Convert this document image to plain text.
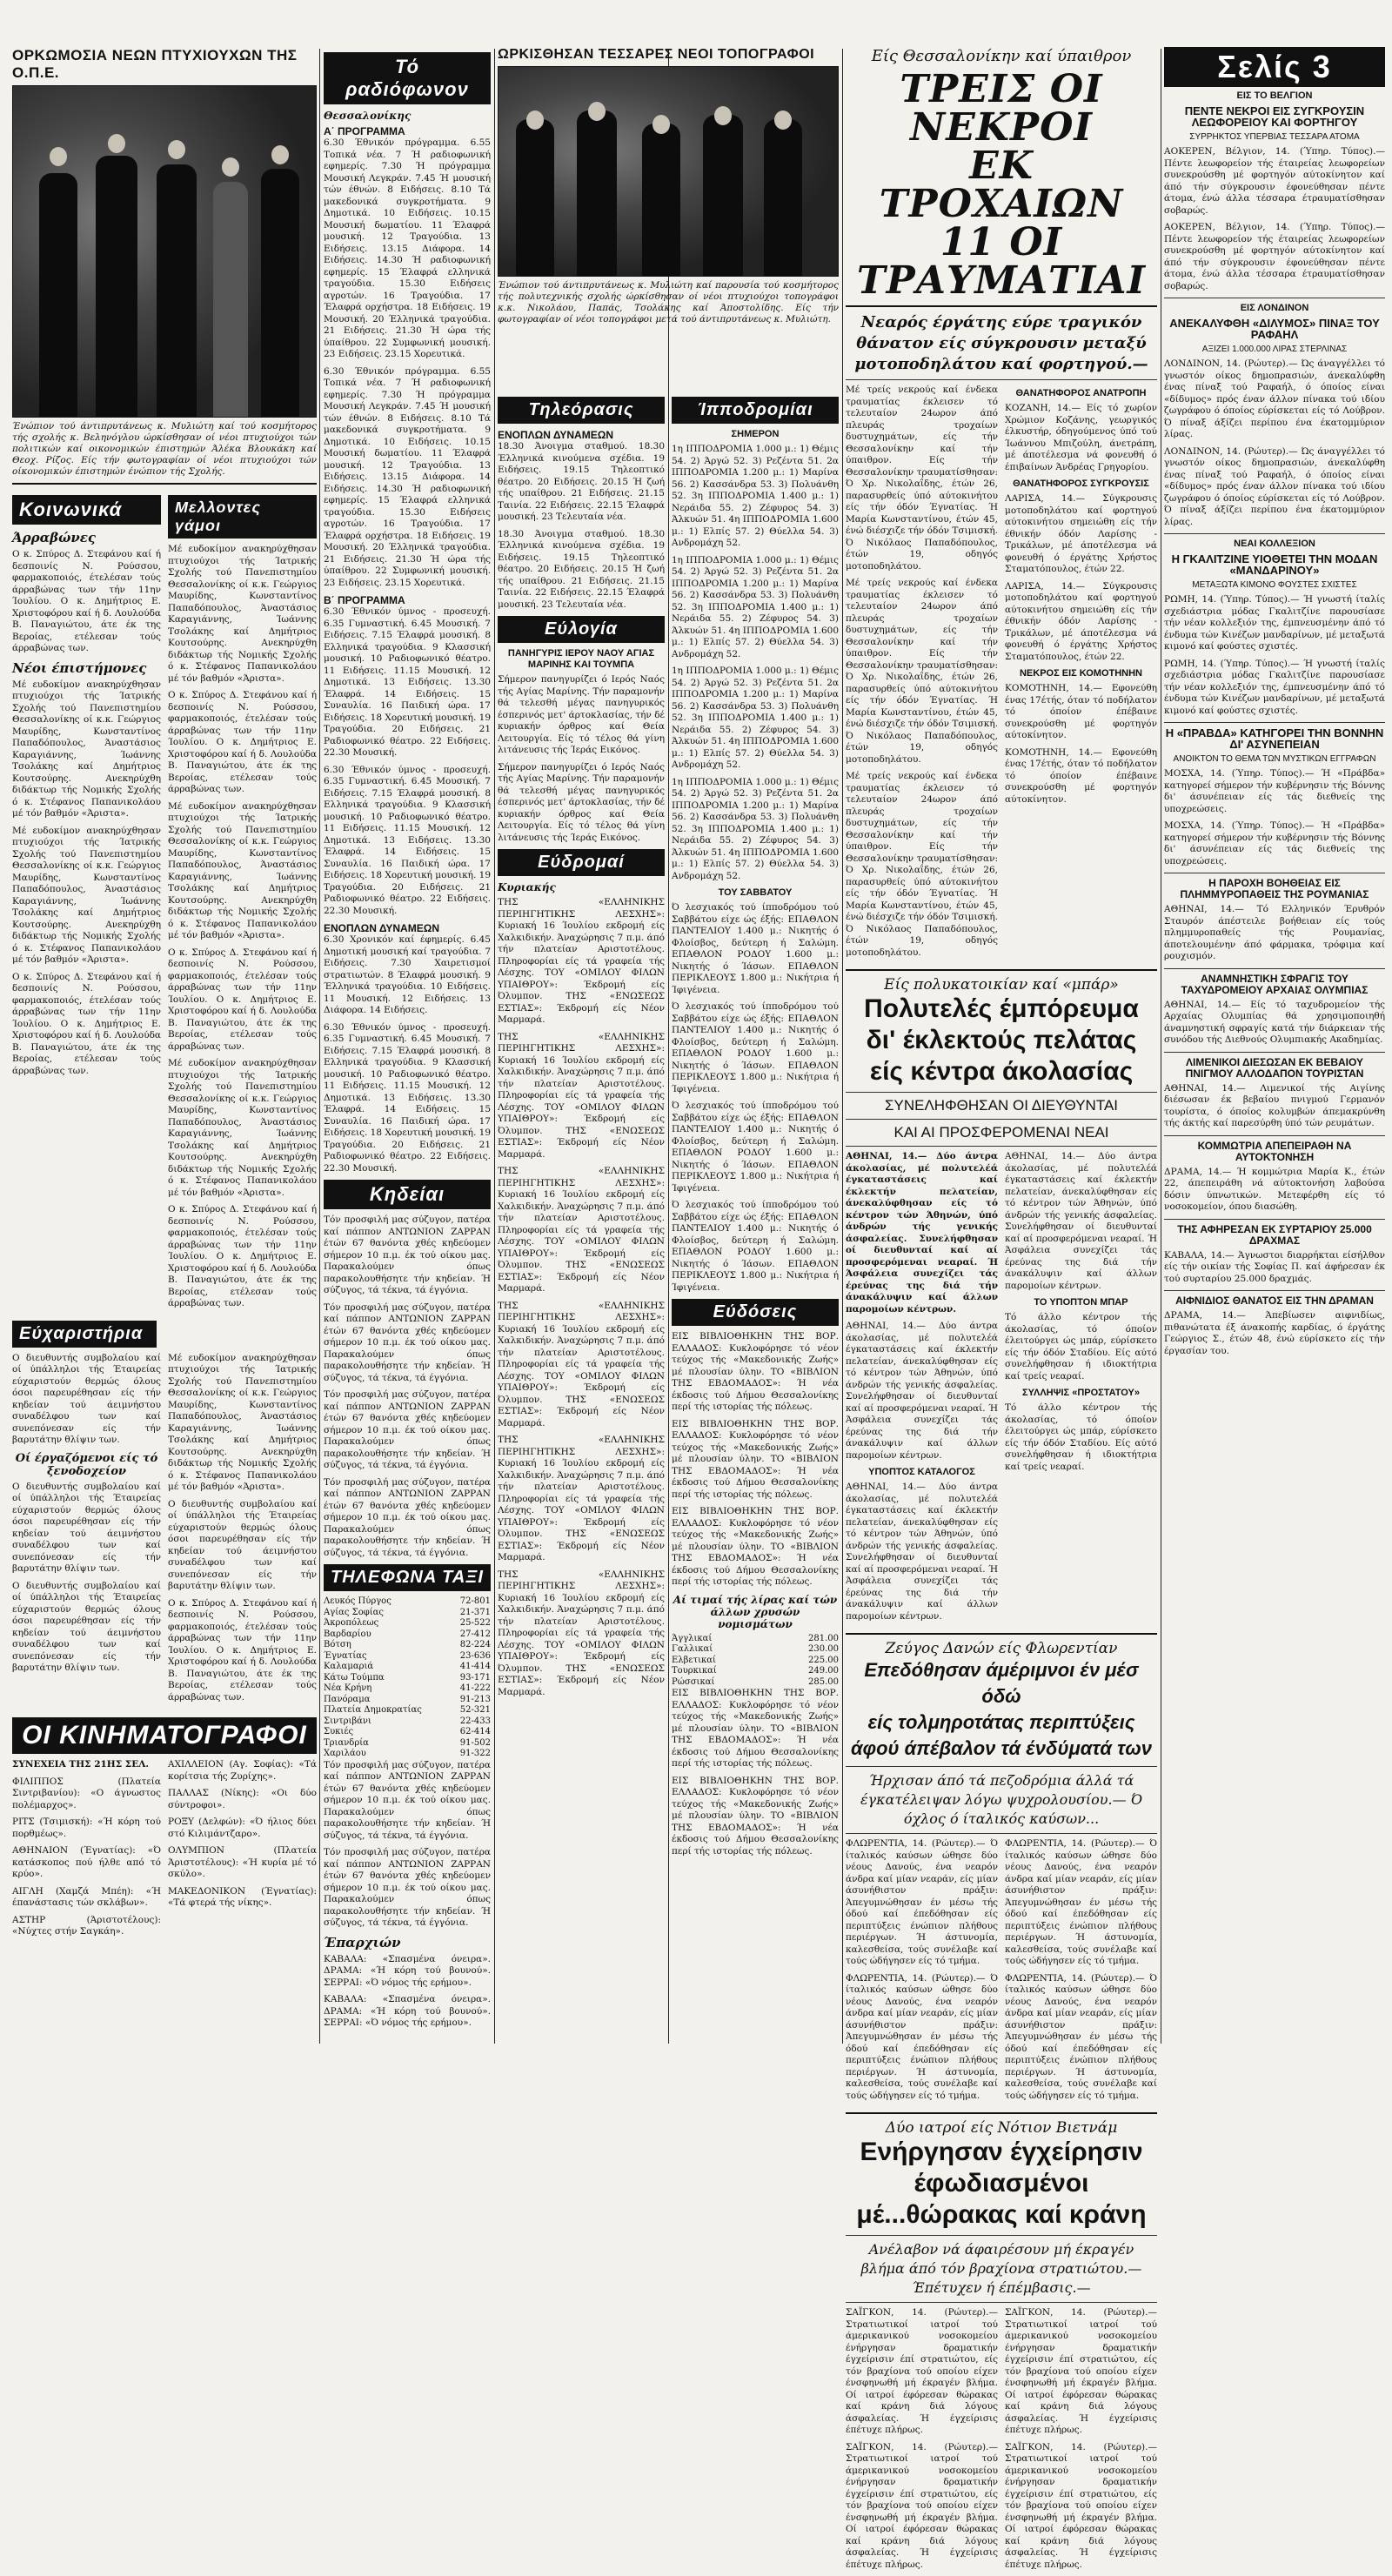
ΟΡΚΩΜΟΣΙΑ ΝΕΩΝ ΠΤΥΧΙΟΥΧΩΝ ΤΗΣ Ο.Π.Ε.
Ένώπιον τού άντιπρυτάνεως κ. Μυλιώτη καί τού κοσμήτορος τής σχολής κ. Βεληνόγλου ώρκίσθησαν οί νέοι πτυχιούχοι τών πολιτικών καί οικονομικών έπιστημών Άλέκα Βλουκάκη καί Θεοχ. Ρίζος. Είς τήν φωτογραφίαν οί νέοι πτυχιούχοι τών οίκονομικών έπιστημών ένώπιον τής Σχολής.
Κοινωνικά
Άρραβώνες

Ο κ. Σπύρος Δ. Στεφάνου καί ή δεσποινίς Ν. Ρούσσου, φαρμακοποιός, έτελέσαν τούς άρραβώνας των τήν 11ην Ίουλίου. Ο κ. Δημήτριος Ε. Χριστοφόρου καί ή δ. Λουλούδα Β. Παναγιώτου, άτε έκ της Βεροίας, ετέλεσαν τούς άρραβώνας των.

Νέοι έπιστήμονες

Μέ ευδοκίμον ανακηρύχθησαν πτυχιούχοι τής Ίατρικής Σχολής τού Πανεπιστημίου Θεσσαλονίκης οί κ.κ. Γεώργιος Μαυρίδης, Κωνσταντίνος Παπαδόπουλος, Άναστάσιος Καραγιάννης, Ίωάννης Τσολάκης καί Δημήτριος Κουτσούρης. Ανεκηρύχθη διδάκτωρ τής Νομικής Σχολής ό κ. Στέφανος Παπανικολάου μέ τόν βαθμόν «Άριστα».

Μέ ευδοκίμον ανακηρύχθησαν πτυχιούχοι τής Ίατρικής Σχολής τού Πανεπιστημίου Θεσσαλονίκης οί κ.κ. Γεώργιος Μαυρίδης, Κωνσταντίνος Παπαδόπουλος, Άναστάσιος Καραγιάννης, Ίωάννης Τσολάκης καί Δημήτριος Κουτσούρης. Ανεκηρύχθη διδάκτωρ τής Νομικής Σχολής ό κ. Στέφανος Παπανικολάου μέ τόν βαθμόν «Άριστα».

Ο κ. Σπύρος Δ. Στεφάνου καί ή δεσποινίς Ν. Ρούσσου, φαρμακοποιός, έτελέσαν τούς άρραβώνας των τήν 11ην Ίουλίου. Ο κ. Δημήτριος Ε. Χριστοφόρου καί ή δ. Λουλούδα Β. Παναγιώτου, άτε έκ της Βεροίας, ετέλεσαν τούς άρραβώνας των.

Μελλοντες γάμοι

Μέ ευδοκίμον ανακηρύχθησαν πτυχιούχοι τής Ίατρικής Σχολής τού Πανεπιστημίου Θεσσαλονίκης οί κ.κ. Γεώργιος Μαυρίδης, Κωνσταντίνος Παπαδόπουλος, Άναστάσιος Καραγιάννης, Ίωάννης Τσολάκης καί Δημήτριος Κουτσούρης. Ανεκηρύχθη διδάκτωρ τής Νομικής Σχολής ό κ. Στέφανος Παπανικολάου μέ τόν βαθμόν «Άριστα».

Ο κ. Σπύρος Δ. Στεφάνου καί ή δεσποινίς Ν. Ρούσσου, φαρμακοποιός, έτελέσαν τούς άρραβώνας των τήν 11ην Ίουλίου. Ο κ. Δημήτριος Ε. Χριστοφόρου καί ή δ. Λουλούδα Β. Παναγιώτου, άτε έκ της Βεροίας, ετέλεσαν τούς άρραβώνας των.

Μέ ευδοκίμον ανακηρύχθησαν πτυχιούχοι τής Ίατρικής Σχολής τού Πανεπιστημίου Θεσσαλονίκης οί κ.κ. Γεώργιος Μαυρίδης, Κωνσταντίνος Παπαδόπουλος, Άναστάσιος Καραγιάννης, Ίωάννης Τσολάκης καί Δημήτριος Κουτσούρης. Ανεκηρύχθη διδάκτωρ τής Νομικής Σχολής ό κ. Στέφανος Παπανικολάου μέ τόν βαθμόν «Άριστα».

Ο κ. Σπύρος Δ. Στεφάνου καί ή δεσποινίς Ν. Ρούσσου, φαρμακοποιός, έτελέσαν τούς άρραβώνας των τήν 11ην Ίουλίου. Ο κ. Δημήτριος Ε. Χριστοφόρου καί ή δ. Λουλούδα Β. Παναγιώτου, άτε έκ της Βεροίας, ετέλεσαν τούς άρραβώνας των.

Μέ ευδοκίμον ανακηρύχθησαν πτυχιούχοι τής Ίατρικής Σχολής τού Πανεπιστημίου Θεσσαλονίκης οί κ.κ. Γεώργιος Μαυρίδης, Κωνσταντίνος Παπαδόπουλος, Άναστάσιος Καραγιάννης, Ίωάννης Τσολάκης καί Δημήτριος Κουτσούρης. Ανεκηρύχθη διδάκτωρ τής Νομικής Σχολής ό κ. Στέφανος Παπανικολάου μέ τόν βαθμόν «Άριστα».

Ο κ. Σπύρος Δ. Στεφάνου καί ή δεσποινίς Ν. Ρούσσου, φαρμακοποιός, έτελέσαν τούς άρραβώνας των τήν 11ην Ίουλίου. Ο κ. Δημήτριος Ε. Χριστοφόρου καί ή δ. Λουλούδα Β. Παναγιώτου, άτε έκ της Βεροίας, ετέλεσαν τούς άρραβώνας των.

Εύχαριστήρια

Ο διευθυντής συμβολαίου καί οί ύπάλληλοι τής Έταιρείας εύχαριστούν θερμώς όλους όσοι παρευρέθησαν είς τήν κηδείαν τού άειμνήστου συναδέλφου των καί συνεπόνεσαν είς τήν βαρυτάτην θλίψιν των.

Οί έργαζόμενοι είς τό ξενοδοχείον

Ο διευθυντής συμβολαίου καί οί ύπάλληλοι τής Έταιρείας εύχαριστούν θερμώς όλους όσοι παρευρέθησαν είς τήν κηδείαν τού άειμνήστου συναδέλφου των καί συνεπόνεσαν είς τήν βαρυτάτην θλίψιν των.

Ο διευθυντής συμβολαίου καί οί ύπάλληλοι τής Έταιρείας εύχαριστούν θερμώς όλους όσοι παρευρέθησαν είς τήν κηδείαν τού άειμνήστου συναδέλφου των καί συνεπόνεσαν είς τήν βαρυτάτην θλίψιν των.

Μέ ευδοκίμον ανακηρύχθησαν πτυχιούχοι τής Ίατρικής Σχολής τού Πανεπιστημίου Θεσσαλονίκης οί κ.κ. Γεώργιος Μαυρίδης, Κωνσταντίνος Παπαδόπουλος, Άναστάσιος Καραγιάννης, Ίωάννης Τσολάκης καί Δημήτριος Κουτσούρης. Ανεκηρύχθη διδάκτωρ τής Νομικής Σχολής ό κ. Στέφανος Παπανικολάου μέ τόν βαθμόν «Άριστα».

Ο διευθυντής συμβολαίου καί οί ύπάλληλοι τής Έταιρείας εύχαριστούν θερμώς όλους όσοι παρευρέθησαν είς τήν κηδείαν τού άειμνήστου συναδέλφου των καί συνεπόνεσαν είς τήν βαρυτάτην θλίψιν των.

Ο κ. Σπύρος Δ. Στεφάνου καί ή δεσποινίς Ν. Ρούσσου, φαρμακοποιός, έτελέσαν τούς άρραβώνας των τήν 11ην Ίουλίου. Ο κ. Δημήτριος Ε. Χριστοφόρου καί ή δ. Λουλούδα Β. Παναγιώτου, άτε έκ της Βεροίας, ετέλεσαν τούς άρραβώνας των.

ΟΙ ΚΙΝΗΜΑΤΟΓΡΑΦΟΙ

ΣΥΝΕΧΕΙΑ ΤΗΣ 21ΗΣ ΣΕΛ.

ΦΙΛΙΠΠΟΣ (Πλατεία Σιντριβανίου): «Ο άγνωστος πολέμαρχος».

ΡΙΤΣ (Τσιμισκή): «Ή κόρη τού πορθμέως».

ΑΘΗΝΑΙΟΝ (Έγνατίας): «Ό κατάσκοπος πού ήλθε από τό κρύο».

ΑΙΓΛΗ (Χαμζά Μπέη): «Ή έπανάστασις τών σκλάβων».

ΑΣΤΗΡ (Άριστοτέλους): «Νύχτες στήν Σαγκάη».

ΑΧΙΛΛΕΙΟΝ (Αγ. Σοφίας): «Τά κορίτσια τής Ζυρίχης».

ΠΑΛΛΑΣ (Νίκης): «Οι δύο σύντροφοι».

ΡΟΞΥ (Δελφών): «Ό ήλιος δύει στό Κιλιμάντζαρο».

ΟΛΥΜΠΙΟΝ (Πλατεία Άριστοτέλους): «Ή κυρία μέ τό σκύλο».

ΜΑΚΕΔΟΝΙΚΟΝ (Έγνατίας): «Τά φτερά τής νίκης».

Τό ραδιόφωνον
Θεσσαλονίκης
Α΄ ΠΡΟΓΡΑΜΜΑ

6.30 Έθνικόν πρόγραμμα. 6.55 Τοπικά νέα. 7 Ή ραδιοφωνική εφημερίς. 7.30 Ή πρόγραμμα Μουσική Λεγκράν. 7.45 Ή μουσική τών έθνών. 8 Ειδήσεις. 8.10 Τά μακεδονικά συγκροτήματα. 9 Δημοτικά. 10 Ειδήσεις. 10.15 Μουσική δωματίου. 11 Έλαφρά μουσική. 12 Τραγούδια. 13 Ειδήσεις. 13.15 Διάφορα. 14 Ειδήσεις. 14.30 Ή ραδιοφωνική εφημερίς. 15 Έλαφρά ελληνικά τραγούδια. 15.30 Ειδήσεις αγροτών. 16 Τραγούδια. 17 Έλαφρά ορχήστρα. 18 Ειδήσεις. 19 Μουσική. 20 Έλληνικά τραγούδια. 21 Ειδήσεις. 21.30 Ή ώρα τής ύπαίθρου. 22 Συμφωνική μουσική. 23 Ειδήσεις. 23.15 Χορευτικά.

6.30 Έθνικόν πρόγραμμα. 6.55 Τοπικά νέα. 7 Ή ραδιοφωνική εφημερίς. 7.30 Ή πρόγραμμα Μουσική Λεγκράν. 7.45 Ή μουσική τών έθνών. 8 Ειδήσεις. 8.10 Τά μακεδονικά συγκροτήματα. 9 Δημοτικά. 10 Ειδήσεις. 10.15 Μουσική δωματίου. 11 Έλαφρά μουσική. 12 Τραγούδια. 13 Ειδήσεις. 13.15 Διάφορα. 14 Ειδήσεις. 14.30 Ή ραδιοφωνική εφημερίς. 15 Έλαφρά ελληνικά τραγούδια. 15.30 Ειδήσεις αγροτών. 16 Τραγούδια. 17 Έλαφρά ορχήστρα. 18 Ειδήσεις. 19 Μουσική. 20 Έλληνικά τραγούδια. 21 Ειδήσεις. 21.30 Ή ώρα τής ύπαίθρου. 22 Συμφωνική μουσική. 23 Ειδήσεις. 23.15 Χορευτικά.

Β΄ ΠΡΟΓΡΑΜΜΑ

6.30 Έθνικόν ύμνος - προσευχή. 6.35 Γυμναστική. 6.45 Μουσική. 7 Ειδήσεις. 7.15 Έλαφρά μουσική. 8 Ελληνικά τραγούδια. 9 Κλασσική μουσική. 10 Ραδιοφωνικό θέατρο. 11 Ειδήσεις. 11.15 Μουσική. 12 Δημοτικά. 13 Ειδήσεις. 13.30 Έλαφρά. 14 Ειδήσεις. 15 Συναυλία. 16 Παιδική ώρα. 17 Ειδήσεις. 18 Χορευτική μουσική. 19 Τραγούδια. 20 Ειδήσεις. 21 Ραδιοφωνικό θέατρο. 22 Ειδήσεις. 22.30 Μουσική.

6.30 Έθνικόν ύμνος - προσευχή. 6.35 Γυμναστική. 6.45 Μουσική. 7 Ειδήσεις. 7.15 Έλαφρά μουσική. 8 Ελληνικά τραγούδια. 9 Κλασσική μουσική. 10 Ραδιοφωνικό θέατρο. 11 Ειδήσεις. 11.15 Μουσική. 12 Δημοτικά. 13 Ειδήσεις. 13.30 Έλαφρά. 14 Ειδήσεις. 15 Συναυλία. 16 Παιδική ώρα. 17 Ειδήσεις. 18 Χορευτική μουσική. 19 Τραγούδια. 20 Ειδήσεις. 21 Ραδιοφωνικό θέατρο. 22 Ειδήσεις. 22.30 Μουσική.

ΕΝΟΠΛΩΝ ΔΥΝΑΜΕΩΝ

6.30 Χρονικόν καί έφημερίς. 6.45 Δημοτική μουσική καί τραγούδια. 7 Ειδήσεις. 7.30 Χαιρετισμοί στρατιωτών. 8 Έλαφρά μουσική. 9 Έλληνικά τραγούδια. 10 Ειδήσεις. 11 Μουσική. 12 Ειδήσεις. 13 Διάφορα. 14 Ειδήσεις.

6.30 Έθνικόν ύμνος - προσευχή. 6.35 Γυμναστική. 6.45 Μουσική. 7 Ειδήσεις. 7.15 Έλαφρά μουσική. 8 Ελληνικά τραγούδια. 9 Κλασσική μουσική. 10 Ραδιοφωνικό θέατρο. 11 Ειδήσεις. 11.15 Μουσική. 12 Δημοτικά. 13 Ειδήσεις. 13.30 Έλαφρά. 14 Ειδήσεις. 15 Συναυλία. 16 Παιδική ώρα. 17 Ειδήσεις. 18 Χορευτική μουσική. 19 Τραγούδια. 20 Ειδήσεις. 21 Ραδιοφωνικό θέατρο. 22 Ειδήσεις. 22.30 Μουσική.

Κηδείαι

Τόν προσφιλή μας σύζυγον, πατέρα καί πάππον ΑΝΤΩΝΙΟΝ ΖΑΡΡΑΝ έτών 67 θανόντα χθές κηδεύομεν σήμερον 10 π.μ. έκ τού οίκου μας. Παρακαλούμεν όπως παρακολουθήσητε τήν κηδείαν. Ή σύζυγος, τά τέκνα, τά έγγόνια.

Τόν προσφιλή μας σύζυγον, πατέρα καί πάππον ΑΝΤΩΝΙΟΝ ΖΑΡΡΑΝ έτών 67 θανόντα χθές κηδεύομεν σήμερον 10 π.μ. έκ τού οίκου μας. Παρακαλούμεν όπως παρακολουθήσητε τήν κηδείαν. Ή σύζυγος, τά τέκνα, τά έγγόνια.

Τόν προσφιλή μας σύζυγον, πατέρα καί πάππον ΑΝΤΩΝΙΟΝ ΖΑΡΡΑΝ έτών 67 θανόντα χθές κηδεύομεν σήμερον 10 π.μ. έκ τού οίκου μας. Παρακαλούμεν όπως παρακολουθήσητε τήν κηδείαν. Ή σύζυγος, τά τέκνα, τά έγγόνια.

Τόν προσφιλή μας σύζυγον, πατέρα καί πάππον ΑΝΤΩΝΙΟΝ ΖΑΡΡΑΝ έτών 67 θανόντα χθές κηδεύομεν σήμερον 10 π.μ. έκ τού οίκου μας. Παρακαλούμεν όπως παρακολουθήσητε τήν κηδείαν. Ή σύζυγος, τά τέκνα, τά έγγόνια.

ΤΗΛΕΦΩΝΑ ΤΑΞΙ
Λευκός Πύργος	72-801
Αγίας Σοφίας	21-371
Άκροπόλεως	25-522
Βαρδαρίου	27-412
Βότση	82-224
Έγνατίας	23-636
Καλαμαριά	41-414
Κάτω Τούμπα	93-171
Νέα Κρήνη	41-222
Πανόραμα	91-213
Πλατεία Δημοκρατίας	52-321
Σιντριβάνι	22-433
Συκιές	62-414
Τριανδρία	91-502
Χαριλάου	91-322

Τόν προσφιλή μας σύζυγον, πατέρα καί πάππον ΑΝΤΩΝΙΟΝ ΖΑΡΡΑΝ έτών 67 θανόντα χθές κηδεύομεν σήμερον 10 π.μ. έκ τού οίκου μας. Παρακαλούμεν όπως παρακολουθήσητε τήν κηδείαν. Ή σύζυγος, τά τέκνα, τά έγγόνια.

Τόν προσφιλή μας σύζυγον, πατέρα καί πάππον ΑΝΤΩΝΙΟΝ ΖΑΡΡΑΝ έτών 67 θανόντα χθές κηδεύομεν σήμερον 10 π.μ. έκ τού οίκου μας. Παρακαλούμεν όπως παρακολουθήσητε τήν κηδείαν. Ή σύζυγος, τά τέκνα, τά έγγόνια.

Έπαρχιών

ΚΑΒΑΛΑ: «Σπασμένα όνειρα». ΔΡΑΜΑ: «Ή κόρη τού βουνού». ΣΕΡΡΑΙ: «Ό νόμος τής ερήμου».

ΚΑΒΑΛΑ: «Σπασμένα όνειρα». ΔΡΑΜΑ: «Ή κόρη τού βουνού». ΣΕΡΡΑΙ: «Ό νόμος τής ερήμου».

ΩΡΚΙΣΘΗΣΑΝ ΤΕΣΣΑΡΕΣ ΝΕΟΙ ΤΟΠΟΓΡΑΦΟΙ
Ένώπιον τού άντιπρυτάνεως κ. Μυλιώτη καί παρουσία τού κοσμήτορος τής πολυτεχνικής σχολής ώρκίσθησαν οί νέοι πτυχιούχοι τοπογράφοι κ.κ. Νικολάου, Παπάς, Τσολάκης καί Άποστολίδης. Είς τήν φωτογραφίαν οί νέοι τοπογράφοι μετά τού άντιπρυτάνεως κ. Μυλιώτη.
Τηλεόρασις
ΕΝΟΠΛΩΝ ΔΥΝΑΜΕΩΝ

18.30 Άνοιγμα σταθμού. 18.30 Έλληνικά κινούμενα σχέδια. 19 Ειδήσεις. 19.15 Τηλεοπτικό θέατρο. 20 Ειδήσεις. 20.15 Ή ζωή τής υπαίθρου. 21 Ειδήσεις. 21.15 Ταινία. 22 Ειδήσεις. 22.15 Έλαφρά μουσική. 23 Τελευταία νέα.

18.30 Άνοιγμα σταθμού. 18.30 Έλληνικά κινούμενα σχέδια. 19 Ειδήσεις. 19.15 Τηλεοπτικό θέατρο. 20 Ειδήσεις. 20.15 Ή ζωή τής υπαίθρου. 21 Ειδήσεις. 21.15 Ταινία. 22 Ειδήσεις. 22.15 Έλαφρά μουσική. 23 Τελευταία νέα.

Εύλογία
ΠΑΝΗΓΥΡΙΣ ΙΕΡΟΥ ΝΑΟΥ ΑΓΙΑΣ ΜΑΡΙΝΗΣ ΚΑΙ ΤΟΥΜΠΑ

Σήμερον πανηγυρίζει ό Ιερός Ναός τής Αγίας Μαρίνης. Τήν παραμονήν θά τελεσθή μέγας πανηγυρικός έσπερινός μετ' άρτοκλασίας, τήν δέ κυριακήν όρθρος καί Θεία Λειτουργία. Είς τό τέλος θά γίνη λιτάνευσις τής Ίεράς Εικόνος.

Σήμερον πανηγυρίζει ό Ιερός Ναός τής Αγίας Μαρίνης. Τήν παραμονήν θά τελεσθή μέγας πανηγυρικός έσπερινός μετ' άρτοκλασίας, τήν δέ κυριακήν όρθρος καί Θεία Λειτουργία. Είς τό τέλος θά γίνη λιτάνευσις τής Ίεράς Εικόνος.

Εύδρομαί
Κυριακής

ΤΗΣ «ΕΛΛΗΝΙΚΗΣ ΠΕΡΙΗΓΗΤΙΚΗΣ ΛΕΣΧΗΣ»: Κυριακή 16 Ίουλίου εκδρομή είς Χαλκιδικήν. Άναχώρησις 7 π.μ. άπό τήν πλατείαν Αριστοτέλους. Πληροφορίαι είς τά γραφεία τής Λέσχης. ΤΟΥ «ΟΜΙΛΟΥ ΦΙΛΩΝ ΥΠΑΙΘΡΟΥ»: Έκδρομή είς Όλυμπον. ΤΗΣ «ΕΝΩΣΕΩΣ ΕΣΤΙΑΣ»: Έκδρομή είς Νέον Μαρμαρά.

ΤΗΣ «ΕΛΛΗΝΙΚΗΣ ΠΕΡΙΗΓΗΤΙΚΗΣ ΛΕΣΧΗΣ»: Κυριακή 16 Ίουλίου εκδρομή είς Χαλκιδικήν. Άναχώρησις 7 π.μ. άπό τήν πλατείαν Αριστοτέλους. Πληροφορίαι είς τά γραφεία τής Λέσχης. ΤΟΥ «ΟΜΙΛΟΥ ΦΙΛΩΝ ΥΠΑΙΘΡΟΥ»: Έκδρομή είς Όλυμπον. ΤΗΣ «ΕΝΩΣΕΩΣ ΕΣΤΙΑΣ»: Έκδρομή είς Νέον Μαρμαρά.

ΤΗΣ «ΕΛΛΗΝΙΚΗΣ ΠΕΡΙΗΓΗΤΙΚΗΣ ΛΕΣΧΗΣ»: Κυριακή 16 Ίουλίου εκδρομή είς Χαλκιδικήν. Άναχώρησις 7 π.μ. άπό τήν πλατείαν Αριστοτέλους. Πληροφορίαι είς τά γραφεία τής Λέσχης. ΤΟΥ «ΟΜΙΛΟΥ ΦΙΛΩΝ ΥΠΑΙΘΡΟΥ»: Έκδρομή είς Όλυμπον. ΤΗΣ «ΕΝΩΣΕΩΣ ΕΣΤΙΑΣ»: Έκδρομή είς Νέον Μαρμαρά.

ΤΗΣ «ΕΛΛΗΝΙΚΗΣ ΠΕΡΙΗΓΗΤΙΚΗΣ ΛΕΣΧΗΣ»: Κυριακή 16 Ίουλίου εκδρομή είς Χαλκιδικήν. Άναχώρησις 7 π.μ. άπό τήν πλατείαν Αριστοτέλους. Πληροφορίαι είς τά γραφεία τής Λέσχης. ΤΟΥ «ΟΜΙΛΟΥ ΦΙΛΩΝ ΥΠΑΙΘΡΟΥ»: Έκδρομή είς Όλυμπον. ΤΗΣ «ΕΝΩΣΕΩΣ ΕΣΤΙΑΣ»: Έκδρομή είς Νέον Μαρμαρά.

ΤΗΣ «ΕΛΛΗΝΙΚΗΣ ΠΕΡΙΗΓΗΤΙΚΗΣ ΛΕΣΧΗΣ»: Κυριακή 16 Ίουλίου εκδρομή είς Χαλκιδικήν. Άναχώρησις 7 π.μ. άπό τήν πλατείαν Αριστοτέλους. Πληροφορίαι είς τά γραφεία τής Λέσχης. ΤΟΥ «ΟΜΙΛΟΥ ΦΙΛΩΝ ΥΠΑΙΘΡΟΥ»: Έκδρομή είς Όλυμπον. ΤΗΣ «ΕΝΩΣΕΩΣ ΕΣΤΙΑΣ»: Έκδρομή είς Νέον Μαρμαρά.

ΤΗΣ «ΕΛΛΗΝΙΚΗΣ ΠΕΡΙΗΓΗΤΙΚΗΣ ΛΕΣΧΗΣ»: Κυριακή 16 Ίουλίου εκδρομή είς Χαλκιδικήν. Άναχώρησις 7 π.μ. άπό τήν πλατείαν Αριστοτέλους. Πληροφορίαι είς τά γραφεία τής Λέσχης. ΤΟΥ «ΟΜΙΛΟΥ ΦΙΛΩΝ ΥΠΑΙΘΡΟΥ»: Έκδρομή είς Όλυμπον. ΤΗΣ «ΕΝΩΣΕΩΣ ΕΣΤΙΑΣ»: Έκδρομή είς Νέον Μαρμαρά.

Ίπποδρομίαι
ΣΗΜΕΡΟΝ

1η ΙΠΠΟΔΡΟΜΙΑ 1.000 μ.: 1) Θέμις 54. 2) Άργώ 52. 3) Ρεζέντα 51. 2α ΙΠΠΟΔΡΟΜΙΑ 1.200 μ.: 1) Μαρίνα 56. 2) Κασσάνδρα 53. 3) Πολυάνθη 52. 3η ΙΠΠΟΔΡΟΜΙΑ 1.400 μ.: 1) Νεράιδα 55. 2) Ζέφυρος 54. 3) Άλκυών 51. 4η ΙΠΠΟΔΡΟΜΙΑ 1.600 μ.: 1) Ελπίς 57. 2) Θύελλα 54. 3) Ανδρομάχη 52.

1η ΙΠΠΟΔΡΟΜΙΑ 1.000 μ.: 1) Θέμις 54. 2) Άργώ 52. 3) Ρεζέντα 51. 2α ΙΠΠΟΔΡΟΜΙΑ 1.200 μ.: 1) Μαρίνα 56. 2) Κασσάνδρα 53. 3) Πολυάνθη 52. 3η ΙΠΠΟΔΡΟΜΙΑ 1.400 μ.: 1) Νεράιδα 55. 2) Ζέφυρος 54. 3) Άλκυών 51. 4η ΙΠΠΟΔΡΟΜΙΑ 1.600 μ.: 1) Ελπίς 57. 2) Θύελλα 54. 3) Ανδρομάχη 52.

1η ΙΠΠΟΔΡΟΜΙΑ 1.000 μ.: 1) Θέμις 54. 2) Άργώ 52. 3) Ρεζέντα 51. 2α ΙΠΠΟΔΡΟΜΙΑ 1.200 μ.: 1) Μαρίνα 56. 2) Κασσάνδρα 53. 3) Πολυάνθη 52. 3η ΙΠΠΟΔΡΟΜΙΑ 1.400 μ.: 1) Νεράιδα 55. 2) Ζέφυρος 54. 3) Άλκυών 51. 4η ΙΠΠΟΔΡΟΜΙΑ 1.600 μ.: 1) Ελπίς 57. 2) Θύελλα 54. 3) Ανδρομάχη 52.

1η ΙΠΠΟΔΡΟΜΙΑ 1.000 μ.: 1) Θέμις 54. 2) Άργώ 52. 3) Ρεζέντα 51. 2α ΙΠΠΟΔΡΟΜΙΑ 1.200 μ.: 1) Μαρίνα 56. 2) Κασσάνδρα 53. 3) Πολυάνθη 52. 3η ΙΠΠΟΔΡΟΜΙΑ 1.400 μ.: 1) Νεράιδα 55. 2) Ζέφυρος 54. 3) Άλκυών 51. 4η ΙΠΠΟΔΡΟΜΙΑ 1.600 μ.: 1) Ελπίς 57. 2) Θύελλα 54. 3) Ανδρομάχη 52.

ΤΟΥ ΣΑΒΒΑΤΟΥ

Ό λεσχιακός τού ίπποδρόμου τού Σαββάτου είχε ώς έξής: ΕΠΑΘΛΟΝ ΠΑΝΤΕΛΙΟΥ 1.400 μ.: Νικητής ό Φλοίσβος, δεύτερη ή Σαλώμη. ΕΠΑΘΛΟΝ ΡΟΔΟΥ 1.600 μ.: Νικητής ό Ίάσων. ΕΠΑΘΛΟΝ ΠΕΡΙΚΛΕΟΥΣ 1.800 μ.: Νικήτρια ή Ίφιγένεια.

Ό λεσχιακός τού ίπποδρόμου τού Σαββάτου είχε ώς έξής: ΕΠΑΘΛΟΝ ΠΑΝΤΕΛΙΟΥ 1.400 μ.: Νικητής ό Φλοίσβος, δεύτερη ή Σαλώμη. ΕΠΑΘΛΟΝ ΡΟΔΟΥ 1.600 μ.: Νικητής ό Ίάσων. ΕΠΑΘΛΟΝ ΠΕΡΙΚΛΕΟΥΣ 1.800 μ.: Νικήτρια ή Ίφιγένεια.

Ό λεσχιακός τού ίπποδρόμου τού Σαββάτου είχε ώς έξής: ΕΠΑΘΛΟΝ ΠΑΝΤΕΛΙΟΥ 1.400 μ.: Νικητής ό Φλοίσβος, δεύτερη ή Σαλώμη. ΕΠΑΘΛΟΝ ΡΟΔΟΥ 1.600 μ.: Νικητής ό Ίάσων. ΕΠΑΘΛΟΝ ΠΕΡΙΚΛΕΟΥΣ 1.800 μ.: Νικήτρια ή Ίφιγένεια.

Ό λεσχιακός τού ίπποδρόμου τού Σαββάτου είχε ώς έξής: ΕΠΑΘΛΟΝ ΠΑΝΤΕΛΙΟΥ 1.400 μ.: Νικητής ό Φλοίσβος, δεύτερη ή Σαλώμη. ΕΠΑΘΛΟΝ ΡΟΔΟΥ 1.600 μ.: Νικητής ό Ίάσων. ΕΠΑΘΛΟΝ ΠΕΡΙΚΛΕΟΥΣ 1.800 μ.: Νικήτρια ή Ίφιγένεια.

Εύδόσεις

ΕΙΣ ΒΙΒΛΙΟΘΗΚΗΝ ΤΗΣ ΒΟΡ. ΕΛΛΑΔΟΣ: Κυκλοφόρησε τό νέον τεύχος τής «Μακεδονικής Ζωής» μέ πλουσίαν ύλην. ΤΟ «ΒΙΒΛΙΟΝ ΤΗΣ ΕΒΔΟΜΑΔΟΣ»: Ή νέα έκδοσις τού Δήμου Θεσσαλονίκης περί τής ιστορίας τής πόλεως.

ΕΙΣ ΒΙΒΛΙΟΘΗΚΗΝ ΤΗΣ ΒΟΡ. ΕΛΛΑΔΟΣ: Κυκλοφόρησε τό νέον τεύχος τής «Μακεδονικής Ζωής» μέ πλουσίαν ύλην. ΤΟ «ΒΙΒΛΙΟΝ ΤΗΣ ΕΒΔΟΜΑΔΟΣ»: Ή νέα έκδοσις τού Δήμου Θεσσαλονίκης περί τής ιστορίας τής πόλεως.

ΕΙΣ ΒΙΒΛΙΟΘΗΚΗΝ ΤΗΣ ΒΟΡ. ΕΛΛΑΔΟΣ: Κυκλοφόρησε τό νέον τεύχος τής «Μακεδονικής Ζωής» μέ πλουσίαν ύλην. ΤΟ «ΒΙΒΛΙΟΝ ΤΗΣ ΕΒΔΟΜΑΔΟΣ»: Ή νέα έκδοσις τού Δήμου Θεσσαλονίκης περί τής ιστορίας τής πόλεως.

Αί τιμαί τής λίρας καί τών άλλων χρυσών νομισμάτων
Άγγλικαί	281.00
Γαλλικαί	230.00
Ελβετικαί	225.00
Τουρκικαί	249.00
Ρώσσικαί	285.00

ΕΙΣ ΒΙΒΛΙΟΘΗΚΗΝ ΤΗΣ ΒΟΡ. ΕΛΛΑΔΟΣ: Κυκλοφόρησε τό νέον τεύχος τής «Μακεδονικής Ζωής» μέ πλουσίαν ύλην. ΤΟ «ΒΙΒΛΙΟΝ ΤΗΣ ΕΒΔΟΜΑΔΟΣ»: Ή νέα έκδοσις τού Δήμου Θεσσαλονίκης περί τής ιστορίας τής πόλεως.

ΕΙΣ ΒΙΒΛΙΟΘΗΚΗΝ ΤΗΣ ΒΟΡ. ΕΛΛΑΔΟΣ: Κυκλοφόρησε τό νέον τεύχος τής «Μακεδονικής Ζωής» μέ πλουσίαν ύλην. ΤΟ «ΒΙΒΛΙΟΝ ΤΗΣ ΕΒΔΟΜΑΔΟΣ»: Ή νέα έκδοσις τού Δήμου Θεσσαλονίκης περί τής ιστορίας τής πόλεως.

Είς Θεσσαλονίκην καί ύπαιθρον
ΤΡΕΙΣ ΟΙ ΝΕΚΡΟΙ
ΕΚ ΤΡΟΧΑΙΩΝ
11 ΟΙ ΤΡΑΥΜΑΤΙΑΙ
Νεαρός έργάτης εύρε τραγικόν θάνατον είς σύγκρουσιν μεταξύ μοτοποδηλάτου καί φορτηγού.—

Μέ τρείς νεκρούς καί ένδεκα τραυματίας έκλεισεν τό τελευταίον 24ωρον άπό πλευράς τροχαίων δυστυχημάτων, είς τήν Θεσσαλονίκην καί τήν ύπαιθρον. Είς τήν Θεσσαλονίκην τραυματίσθησαν: Ό Χρ. Νικολαΐδης, έτών 26, παρασυρθείς ύπό αύτοκινήτου είς τήν όδόν Έγνατίας. Ή Μαρία Κωνσταντίνου, έτών 45, ένώ διέσχιζε τήν όδόν Τσιμισκή. Ό Νικόλαος Παπαδόπουλος, έτών 19, οδηγός μοτοποδηλάτου.

Μέ τρείς νεκρούς καί ένδεκα τραυματίας έκλεισεν τό τελευταίον 24ωρον άπό πλευράς τροχαίων δυστυχημάτων, είς τήν Θεσσαλονίκην καί τήν ύπαιθρον. Είς τήν Θεσσαλονίκην τραυματίσθησαν: Ό Χρ. Νικολαΐδης, έτών 26, παρασυρθείς ύπό αύτοκινήτου είς τήν όδόν Έγνατίας. Ή Μαρία Κωνσταντίνου, έτών 45, ένώ διέσχιζε τήν όδόν Τσιμισκή. Ό Νικόλαος Παπαδόπουλος, έτών 19, οδηγός μοτοποδηλάτου.

Μέ τρείς νεκρούς καί ένδεκα τραυματίας έκλεισεν τό τελευταίον 24ωρον άπό πλευράς τροχαίων δυστυχημάτων, είς τήν Θεσσαλονίκην καί τήν ύπαιθρον. Είς τήν Θεσσαλονίκην τραυματίσθησαν: Ό Χρ. Νικολαΐδης, έτών 26, παρασυρθείς ύπό αύτοκινήτου είς τήν όδόν Έγνατίας. Ή Μαρία Κωνσταντίνου, έτών 45, ένώ διέσχιζε τήν όδόν Τσιμισκή. Ό Νικόλαος Παπαδόπουλος, έτών 19, οδηγός μοτοποδηλάτου.

ΘΑΝΑΤΗΦΟΡΟΣ ΑΝΑΤΡΟΠΗ

ΚΟΖΑΝΗ, 14.— Είς τό χωρίον Χρώμιον Κοζάνης, γεωργικός έλκυστήρ, όδηγούμενος ύπό τού Ίωάννου Μπιζούλη, άνετράπη, μέ άποτέλεσμα νά φονευθή ό έπιβαίνων Άνδρέας Γρηγορίου.

ΘΑΝΑΤΗΦΟΡΟΣ ΣΥΓΚΡΟΥΣΙΣ

ΛΑΡΙΣΑ, 14.— Σύγκρουσις μοτοποδηλάτου καί φορτηγού αύτοκινήτου σημειώθη είς τήν έθνικήν όδόν Λαρίσης - Τρικάλων, μέ άποτέλεσμα νά φονευθή ό έργάτης Χρήστος Σταματόπουλος, έτών 22.

ΛΑΡΙΣΑ, 14.— Σύγκρουσις μοτοποδηλάτου καί φορτηγού αύτοκινήτου σημειώθη είς τήν έθνικήν όδόν Λαρίσης - Τρικάλων, μέ άποτέλεσμα νά φονευθή ό έργάτης Χρήστος Σταματόπουλος, έτών 22.

ΝΕΚΡΟΣ ΕΙΣ ΚΟΜΟΤΗΝΗΝ

ΚΟΜΟΤΗΝΗ, 14.— Εφονεύθη ένας 17έτής, όταν τό ποδήλατον τό όποίον έπέβαινε συνεκρούσθη μέ φορτηγόν αύτοκίνητον.

ΚΟΜΟΤΗΝΗ, 14.— Εφονεύθη ένας 17έτής, όταν τό ποδήλατον τό όποίον έπέβαινε συνεκρούσθη μέ φορτηγόν αύτοκίνητον.

Είς πολυκατοικίαν καί «μπάρ»
Πολυτελές έμπόρευμα
δι' έκλεκτούς πελάτας
είς κέντρα άκολασίας
ΣΥΝΕΛΗΦΘΗΣΑΝ ΟΙ ΔΙΕΥΘΥΝΤΑΙ
ΚΑΙ ΑΙ ΠΡΟΣΦΕΡΟΜΕΝΑΙ ΝΕΑΙ

ΑΘΗΝΑΙ, 14.— Δύο άντρα άκολασίας, μέ πολυτελέά έγκαταστάσεις καί έκλεκτήν πελατείαν, άνεκαλύφθησαν είς τό κέντρον τών Άθηνών, ύπό άνδρών τής γενικής άσφαλείας. Συνελήφθησαν οί διευθυνταί καί αί προσφερόμεναι νεαραί. Ή Άσφάλεια συνεχίζει τάς έρεύνας της διά τήν άνακάλυψιν καί άλλων παρομοίων κέντρων.

ΑΘΗΝΑΙ, 14.— Δύο άντρα άκολασίας, μέ πολυτελέά έγκαταστάσεις καί έκλεκτήν πελατείαν, άνεκαλύφθησαν είς τό κέντρον τών Άθηνών, ύπό άνδρών τής γενικής άσφαλείας. Συνελήφθησαν οί διευθυνταί καί αί προσφερόμεναι νεαραί. Ή Άσφάλεια συνεχίζει τάς έρεύνας της διά τήν άνακάλυψιν καί άλλων παρομοίων κέντρων.

ΥΠΟΠΤΟΣ ΚΑΤΑΛΟΓΟΣ

ΑΘΗΝΑΙ, 14.— Δύο άντρα άκολασίας, μέ πολυτελέά έγκαταστάσεις καί έκλεκτήν πελατείαν, άνεκαλύφθησαν είς τό κέντρον τών Άθηνών, ύπό άνδρών τής γενικής άσφαλείας. Συνελήφθησαν οί διευθυνταί καί αί προσφερόμεναι νεαραί. Ή Άσφάλεια συνεχίζει τάς έρεύνας της διά τήν άνακάλυψιν καί άλλων παρομοίων κέντρων.

ΑΘΗΝΑΙ, 14.— Δύο άντρα άκολασίας, μέ πολυτελέά έγκαταστάσεις καί έκλεκτήν πελατείαν, άνεκαλύφθησαν είς τό κέντρον τών Άθηνών, ύπό άνδρών τής γενικής άσφαλείας. Συνελήφθησαν οί διευθυνταί καί αί προσφερόμεναι νεαραί. Ή Άσφάλεια συνεχίζει τάς έρεύνας της διά τήν άνακάλυψιν καί άλλων παρομοίων κέντρων.

ΤΟ ΥΠΟΠΤΟΝ ΜΠΑΡ

Τό άλλο κέντρον τής άκολασίας, τό όποίον έλειτούργει ώς μπάρ, εύρίσκετο είς τήν όδόν Σταδίου. Είς αύτό συνελήφθησαν ή ιδιοκτήτρια καί τρείς νεαραί.

ΣΥΛΛΗΨΙΣ «ΠΡΟΣΤΑΤΟΥ»

Τό άλλο κέντρον τής άκολασίας, τό όποίον έλειτούργει ώς μπάρ, εύρίσκετο είς τήν όδόν Σταδίου. Είς αύτό συνελήφθησαν ή ιδιοκτήτρια καί τρείς νεαραί.

Ζεύγος Δανών είς Φλωρεντίαν
Επεδόθησαν άμέριμνοι έν μέσ όδώ
είς τολμηροτάτας περιπτύξεις
άφού άπέβαλον τά ένδύματά των
Ήρχισαν άπό τά πεζοδρόμια άλλά τά έγκατέλειψαν λόγω ψυχρολουσίου.— Ό όχλος ό ίταλικός καύσων...

ΦΛΩΡΕΝΤΙΑ, 14. (Ρώυτερ).— Ό ίταλικός καύσων ώθησε δύο νέους Δανούς, ένα νεαρόν άνδρα καί μίαν νεαράν, είς μίαν άσυνήθιστον πράξιν: Άπεγυμνώθησαν έν μέσω τής όδού καί έπεδόθησαν είς περιπτύξεις ένώπιον πλήθους περιέργων. Ή άστυνομία, καλεσθείσα, τούς συνέλαβε καί τούς ώδήγησεν είς τό τμήμα.

ΦΛΩΡΕΝΤΙΑ, 14. (Ρώυτερ).— Ό ίταλικός καύσων ώθησε δύο νέους Δανούς, ένα νεαρόν άνδρα καί μίαν νεαράν, είς μίαν άσυνήθιστον πράξιν: Άπεγυμνώθησαν έν μέσω τής όδού καί έπεδόθησαν είς περιπτύξεις ένώπιον πλήθους περιέργων. Ή άστυνομία, καλεσθείσα, τούς συνέλαβε καί τούς ώδήγησεν είς τό τμήμα.

ΦΛΩΡΕΝΤΙΑ, 14. (Ρώυτερ).— Ό ίταλικός καύσων ώθησε δύο νέους Δανούς, ένα νεαρόν άνδρα καί μίαν νεαράν, είς μίαν άσυνήθιστον πράξιν: Άπεγυμνώθησαν έν μέσω τής όδού καί έπεδόθησαν είς περιπτύξεις ένώπιον πλήθους περιέργων. Ή άστυνομία, καλεσθείσα, τούς συνέλαβε καί τούς ώδήγησεν είς τό τμήμα.

ΦΛΩΡΕΝΤΙΑ, 14. (Ρώυτερ).— Ό ίταλικός καύσων ώθησε δύο νέους Δανούς, ένα νεαρόν άνδρα καί μίαν νεαράν, είς μίαν άσυνήθιστον πράξιν: Άπεγυμνώθησαν έν μέσω τής όδού καί έπεδόθησαν είς περιπτύξεις ένώπιον πλήθους περιέργων. Ή άστυνομία, καλεσθείσα, τούς συνέλαβε καί τούς ώδήγησεν είς τό τμήμα.

Δύο ιατροί είς Νότιον Βιετνάμ
Ενήργησαν έγχείρησιν
έφωδιασμένοι
μέ...θώρακας καί κράνη
Ανέλαβον νά άφαιρέσουν μή έκραγέν βλήμα άπό τόν βραχίονα στρατιώτου.— Έπέτυχεν ή έπέμβασις.—

ΣΑΪΓΚΟΝ, 14. (Ρώυτερ).— Στρατιωτικοί ιατροί τού άμερικανικού νοσοκομείου ένήργησαν δραματικήν έγχείρισιν έπί στρατιώτου, είς τόν βραχίονα τού οποίου είχεν ένσφηνωθή μή έκραγέν βλήμα. Οί ιατροί έφόρεσαν θώρακας καί κράνη διά λόγους άσφαλείας. Ή έγχείρισις έπέτυχε πλήρως.

ΣΑΪΓΚΟΝ, 14. (Ρώυτερ).— Στρατιωτικοί ιατροί τού άμερικανικού νοσοκομείου ένήργησαν δραματικήν έγχείρισιν έπί στρατιώτου, είς τόν βραχίονα τού οποίου είχεν ένσφηνωθή μή έκραγέν βλήμα. Οί ιατροί έφόρεσαν θώρακας καί κράνη διά λόγους άσφαλείας. Ή έγχείρισις έπέτυχε πλήρως.

ΣΑΪΓΚΟΝ, 14. (Ρώυτερ).— Στρατιωτικοί ιατροί τού άμερικανικού νοσοκομείου ένήργησαν δραματικήν έγχείρισιν έπί στρατιώτου, είς τόν βραχίονα τού οποίου είχεν ένσφηνωθή μή έκραγέν βλήμα. Οί ιατροί έφόρεσαν θώρακας καί κράνη διά λόγους άσφαλείας. Ή έγχείρισις έπέτυχε πλήρως.

ΣΑΪΓΚΟΝ, 14. (Ρώυτερ).— Στρατιωτικοί ιατροί τού άμερικανικού νοσοκομείου ένήργησαν δραματικήν έγχείρισιν έπί στρατιώτου, είς τόν βραχίονα τού οποίου είχεν ένσφηνωθή μή έκραγέν βλήμα. Οί ιατροί έφόρεσαν θώρακας καί κράνη διά λόγους άσφαλείας. Ή έγχείρισις έπέτυχε πλήρως.

Σελίς 3
ΕΙΣ ΤΟ ΒΕΛΓΙΟΝ
ΠΕΝΤΕ ΝΕΚΡΟΙ ΕΙΣ ΣΥΓΚΡΟΥΣΙΝ ΛΕΩΦΟΡΕΙΟΥ ΚΑΙ ΦΟΡΤΗΓΟΥ
ΣΥΡΡΗΚΤΟΣ ΥΠΕΡΒΙΑΣ ΤΕΣΣΑΡΑ ΑΤΟΜΑ

ΑΟΚΕΡΕΝ, Βέλγιον, 14. (Ύπηρ. Τύπος).— Πέντε λεωφορείον τής έταιρείας λεωφορείων συνεκρούσθη μέ φορτηγόν αύτοκίνητον καί άπό τήν σύγκρουσιν έφονεύθησαν πέντε άτομα, ένώ άλλα τέσσαρα έτραυματίσθησαν σοβαρώς.

ΑΟΚΕΡΕΝ, Βέλγιον, 14. (Ύπηρ. Τύπος).— Πέντε λεωφορείον τής έταιρείας λεωφορείων συνεκρούσθη μέ φορτηγόν αύτοκίνητον καί άπό τήν σύγκρουσιν έφονεύθησαν πέντε άτομα, ένώ άλλα τέσσαρα έτραυματίσθησαν σοβαρώς.

ΕΙΣ ΛΟΝΔΙΝΟΝ
ΑΝΕΚΑΛΥΦΘΗ «ΔΙΛΥΜΟΣ» ΠΙΝΑΞ ΤΟΥ ΡΑΦΑΗΛ
ΑΞΙΖΕΙ 1.000.000 ΛΙΡΑΣ ΣΤΕΡΛΙΝΑΣ

ΛΟΝΔΙΝΟΝ, 14. (Ρώυτερ).— Ώς άναγγέλλει τό γνωστόν οίκος δημοπρασιών, άνεκαλύφθη ένας πίναξ τού Ραφαήλ, ό όποίος είναι «δίδυμος» πρός έναν άλλον πίνακα τού ιδίου ζωγράφου ό όποίος εύρίσκεται είς τό Λούβρον. Ό πίναξ άξίζει περίπου ένα έκατομμύριον λίρας.

ΛΟΝΔΙΝΟΝ, 14. (Ρώυτερ).— Ώς άναγγέλλει τό γνωστόν οίκος δημοπρασιών, άνεκαλύφθη ένας πίναξ τού Ραφαήλ, ό όποίος είναι «δίδυμος» πρός έναν άλλον πίνακα τού ιδίου ζωγράφου ό όποίος εύρίσκεται είς τό Λούβρον. Ό πίναξ άξίζει περίπου ένα έκατομμύριον λίρας.

ΝΕΑΙ ΚΟΛΛΕΞΙΟΝ
Η ΓΚΑΛΙΤΖΙΝΕ ΥΙΟΘΕΤΕΙ ΤΗΝ ΜΟΔΑΝ «ΜΑΝΔΑΡΙΝΟΥ»
ΜΕΤΑΞΩΤΑ ΚΙΜΟΝΟ ΦΟΥΣΤΕΣ ΣΧΙΣΤΕΣ

ΡΩΜΗ, 14. (Ύπηρ. Τύπος).— Ή γνωστή ίταλίς σχεδιάστρια μόδας Γκαλιτζίνε παρουσίασε τήν νέαν κολλεξιόν της, έμπνευσμένην άπό τό ένδυμα τών Κινέζων μανδαρίνων, μέ μεταξωτά κιμονό καί φούστες σχιστές.

ΡΩΜΗ, 14. (Ύπηρ. Τύπος).— Ή γνωστή ίταλίς σχεδιάστρια μόδας Γκαλιτζίνε παρουσίασε τήν νέαν κολλεξιόν της, έμπνευσμένην άπό τό ένδυμα τών Κινέζων μανδαρίνων, μέ μεταξωτά κιμονό καί φούστες σχιστές.

Η «ΠΡΑΒΔΑ» ΚΑΤΗΓΟΡΕΙ ΤΗΝ ΒΟΝΝΗΝ ΔΙ' ΑΣΥΝΕΠΕΙΑΝ
ΑΝΟΙΚΤΟΝ ΤΟ ΘΕΜΑ ΤΩΝ ΜΥΣΤΙΚΩΝ ΕΓΓΡΑΦΩΝ

ΜΟΣΧΑ, 14. (Ύπηρ. Τύπος).— Ή «Πράβδα» κατηγορεί σήμερον τήν κυβέρνησιν τής Βόννης δι' άσυνέπειαν είς τάς διεθνείς της υποχρεώσεις.

ΜΟΣΧΑ, 14. (Ύπηρ. Τύπος).— Ή «Πράβδα» κατηγορεί σήμερον τήν κυβέρνησιν τής Βόννης δι' άσυνέπειαν είς τάς διεθνείς της υποχρεώσεις.

Η ΠΑΡΟΧΗ ΒΟΗΘΕΙΑΣ ΕΙΣ ΠΛΗΜΜΥΡΟΠΑΘΕΙΣ ΤΗΣ ΡΟΥΜΑΝΙΑΣ

ΑΘΗΝΑΙ, 14.— Τό Ελληνικόν Έρυθρόν Σταυρόν άπέστειλε βοήθειαν είς τούς πλημμυροπαθείς τής Ρουμανίας, άποτελουμένην άπό φάρμακα, τρόφιμα καί ρουχισμόν.

ΑΝΑΜΝΗΣΤΙΚΗ ΣΦΡΑΓΙΣ ΤΟΥ ΤΑΧΥΔΡΟΜΕΙΟΥ ΑΡΧΑΙΑΣ ΟΛΥΜΠΙΑΣ

ΑΘΗΝΑΙ, 14.— Είς τό ταχυδρομείον τής Αρχαίας Ολυμπίας θά χρησιμοποιηθή άναμνηστική σφραγίς κατά τήν διάρκειαν τής συνόδου τής Διεθνούς Ολυμπιακής Ακαδημίας.

ΛΙΜΕΝΙΚΟΙ ΔΙΕΣΩΣΑΝ ΕΚ ΒΕΒΑΙΟΥ ΠΝΙΓΜΟΥ ΑΛΛΟΔΑΠΟΝ ΤΟΥΡΙΣΤΑΝ

ΑΘΗΝΑΙ, 14.— Λιμενικοί τής Αιγίνης διέσωσαν έκ βεβαίου πνιγμού Γερμανόν τουρίστα, ό όποίος κολυμβών άπεμακρύνθη τής άκτής καί παρεσύρθη ύπό τών ρευμάτων.

ΚΟΜΜΩΤΡΙΑ ΑΠΕΠΕΙΡΑΘΗ ΝΑ ΑΥΤΟΚΤΟΝΗΣΗ

ΔΡΑΜΑ, 14.— Ή κομμώτρια Μαρία Κ., έτών 22, άπεπειράθη νά αύτοκτονήση λαβούσα δόσιν ύπνωτικών. Μετεφέρθη είς τό νοσοκομείον, όπου διασώθη.

ΤΗΣ ΑΦΗΡΕΣΑΝ ΕΚ ΣΥΡΤΑΡΙΟΥ 25.000 ΔΡΑΧΜΑΣ

ΚΑΒΑΛΑ, 14.— Άγνωστοι διαρρήκται είσήλθον είς τήν οικίαν τής Σοφίας Π. καί άφήρεσαν έκ τού συρταρίου 25.000 δραχμάς.

ΑΙΦΝΙΔΙΟΣ ΘΑΝΑΤΟΣ ΕΙΣ ΤΗΝ ΔΡΑΜΑΝ

ΔΡΑΜΑ, 14.— Άπεβίωσεν αιφνιδίως, πιθανώτατα έξ άνακοπής καρδίας, ό έργάτης Γεώργιος Σ., έτών 48, ένώ εύρίσκετο είς τήν έργασίαν του.
